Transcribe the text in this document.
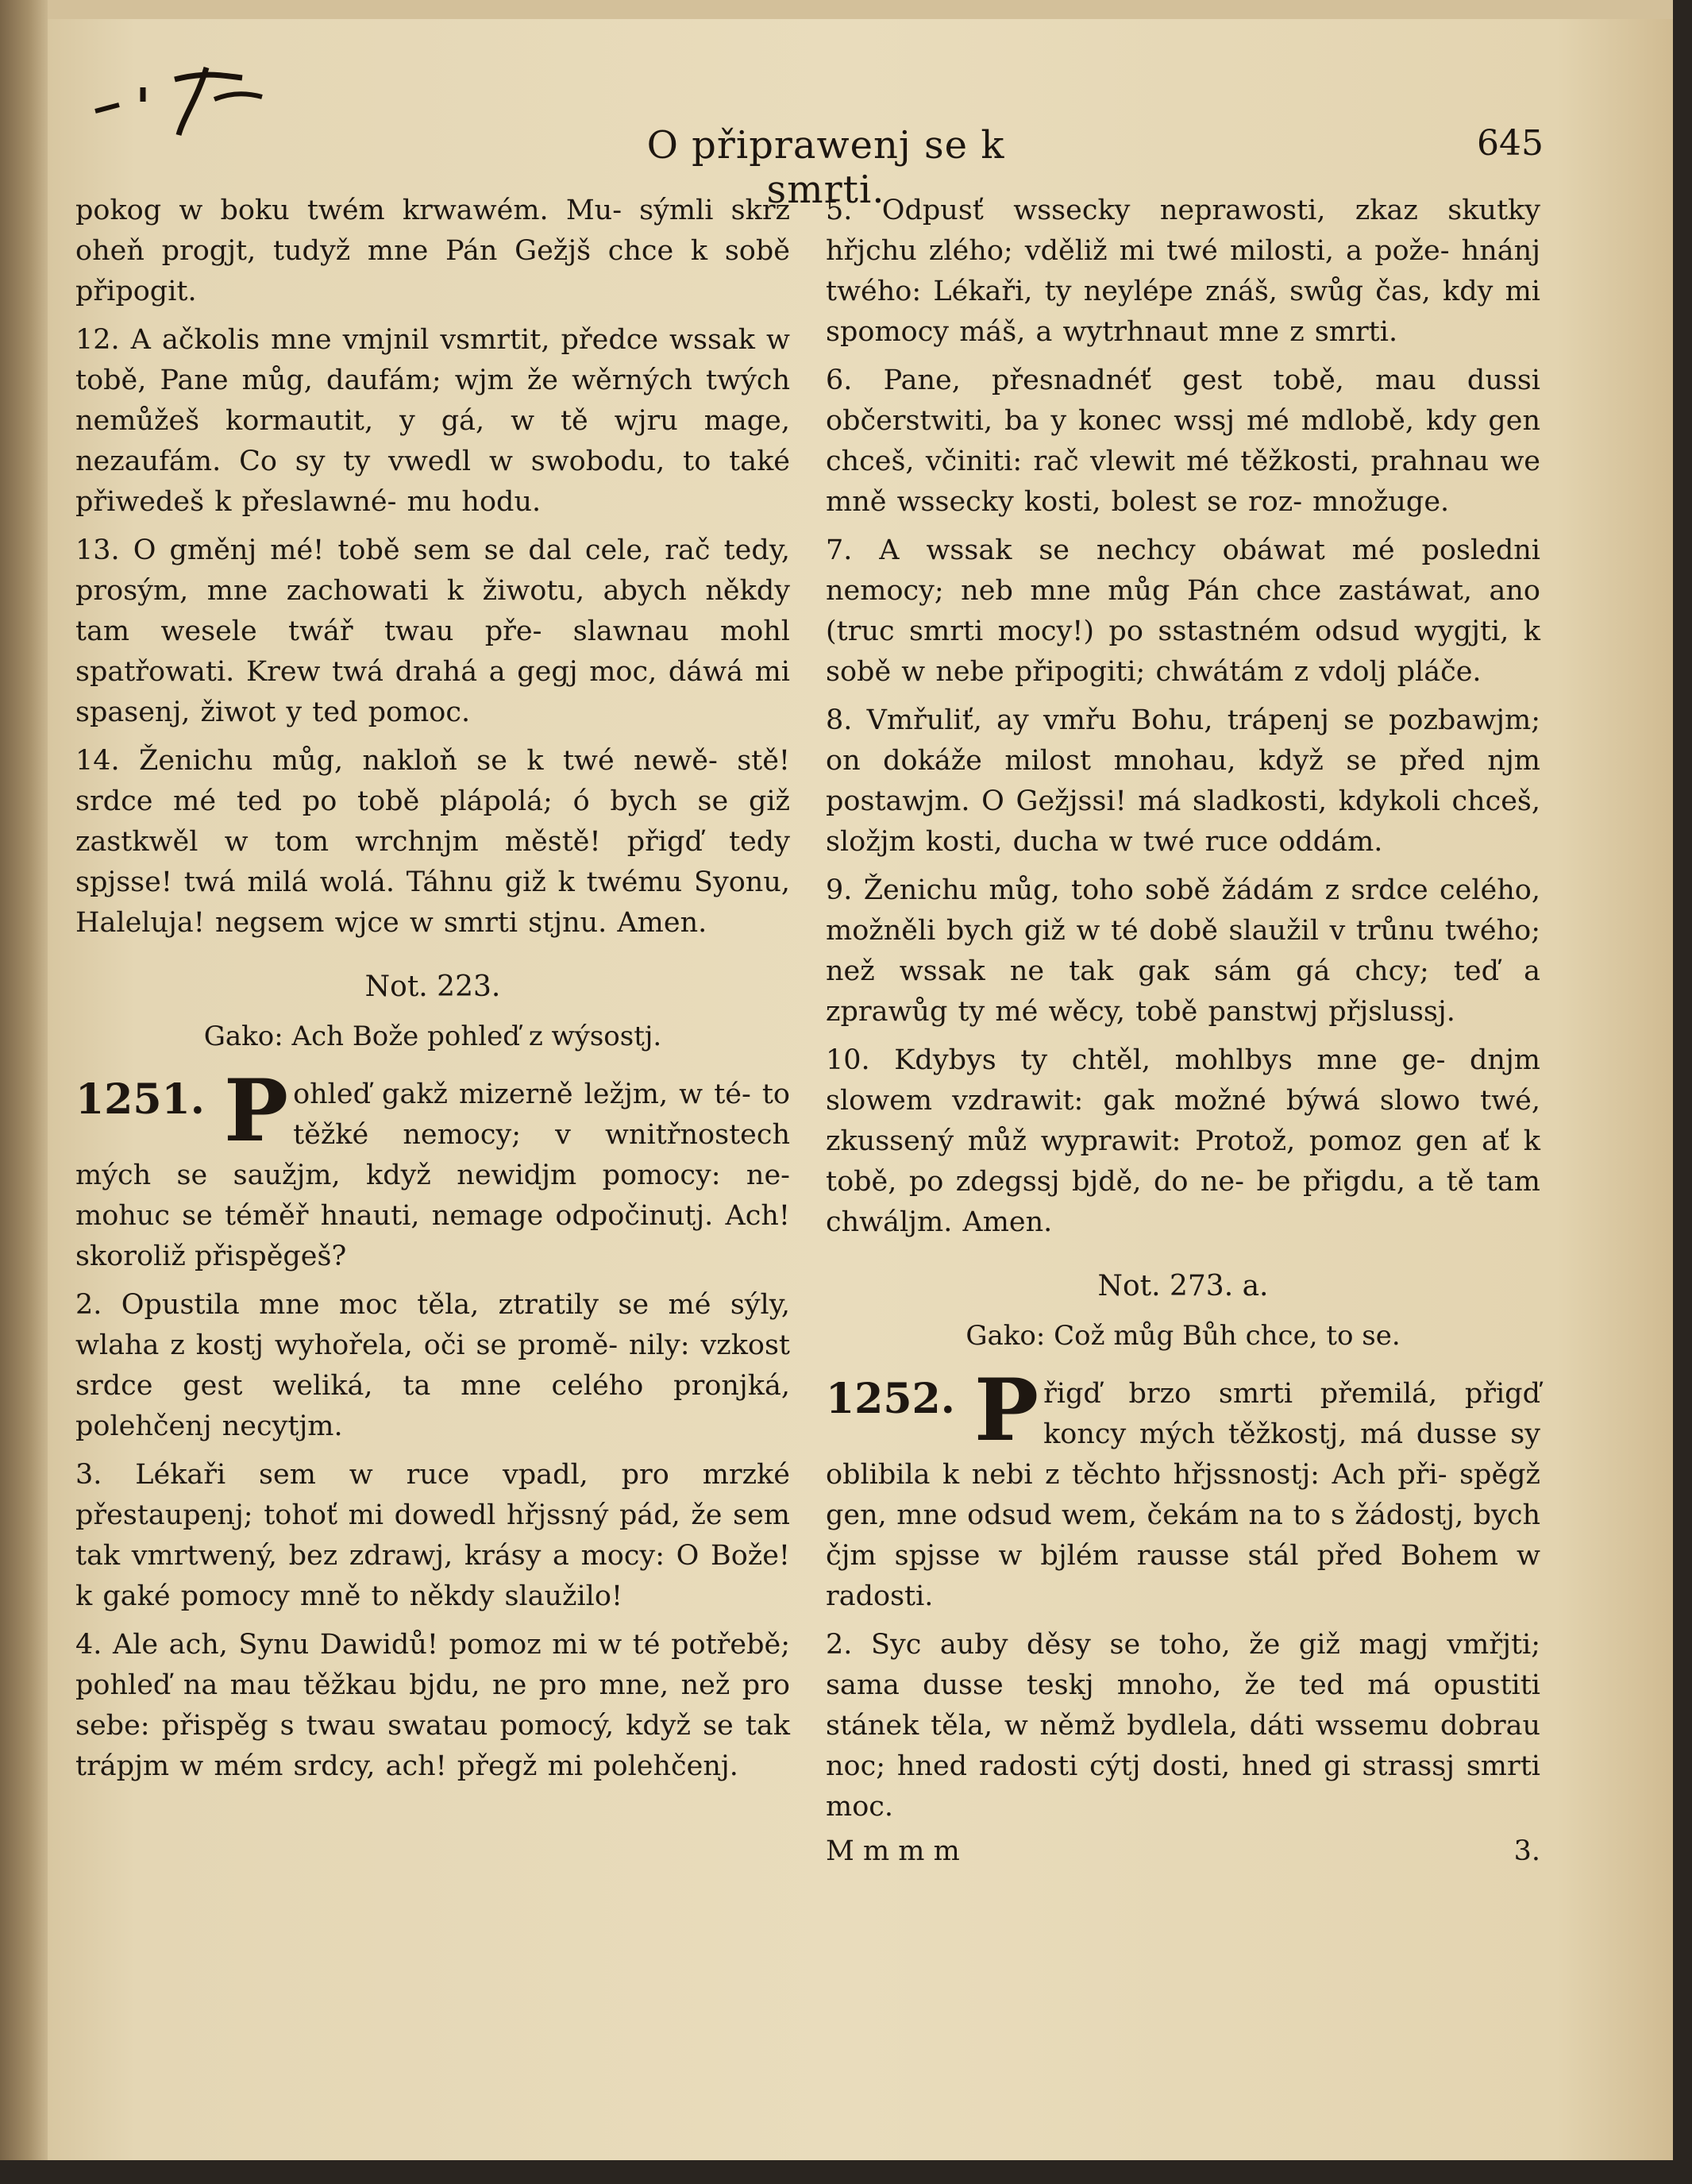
O připrawenj se k smrti.
645

pokog w boku twém krwawém. Mu- sýmli skrz oheň progjt, tudyž mne Pán Gežjš chce k sobě připogit.

12. A ačkolis mne vmjnil vsmrtit, předce wssak w tobě, Pane můg, daufám; wjm že wěrných twých nemůžeš kormautit, y gá, w tě wjru mage, nezaufám. Co sy ty vwedl w swobodu, to také přiwedeš k přeslawné- mu hodu.

13. O gměnj mé! tobě sem se dal cele, rač tedy, prosým, mne zachowati k žiwotu, abych někdy tam wesele twář twau pře- slawnau mohl spatřowati. Krew twá drahá a gegj moc, dáwá mi spasenj, žiwot y ted pomoc.

14. Ženichu můg, nakloň se k twé newě- stě! srdce mé ted po tobě plápolá; ó bych se giž zastkwěl w tom wrchnjm městě! přigď tedy spjsse! twá milá wolá. Táhnu giž k twému Syonu, Haleluja! negsem wjce w smrti stjnu. Amen.

Not. 223.
Gako: Ach Bože pohleď z wýsostj.
1251. P ohleď gakž mizerně ležjm, w té- to těžké nemocy; v wnitřnostech mých se saužjm, když newidjm pomocy: ne- mohuc se téměř hnauti, nemage odpočinutj. Ach! skoroliž přispěgeš?

2. Opustila mne moc těla, ztratily se mé sýly, wlaha z kostj wyhořela, oči se promě- nily: vzkost srdce gest weliká, ta mne celého pronjká, polehčenj necytjm.

3. Lékaři sem w ruce vpadl, pro mrzké přestaupenj; tohoť mi dowedl hřjssný pád, že sem tak vmrtwený, bez zdrawj, krásy a mocy: O Bože! k gaké pomocy mně to někdy slaužilo!

4. Ale ach, Synu Dawidů! pomoz mi w té potřebě; pohleď na mau těžkau bjdu, ne pro mne, než pro sebe: přispěg s twau swatau pomocý, když se tak trápjm w mém srdcy, ach! přegž mi polehčenj.

5. Odpusť wssecky neprawosti, zkaz skutky hřjchu zlého; vděliž mi twé milosti, a pože- hnánj twého: Lékaři, ty neylépe znáš, swůg čas, kdy mi spomocy máš, a wytrhnaut mne z smrti.

6. Pane, přesnadnéť gest tobě, mau dussi občerstwiti, ba y konec wssj mé mdlobě, kdy gen chceš, včiniti: rač vlewit mé těžkosti, prahnau we mně wssecky kosti, bolest se roz- množuge.

7. A wssak se nechcy obáwat mé posledni nemocy; neb mne můg Pán chce zastáwat, ano (truc smrti mocy!) po sstastném odsud wygjti, k sobě w nebe připogiti; chwátám z vdolj pláče.

8. Vmřuliť, ay vmřu Bohu, trápenj se pozbawjm; on dokáže milost mnohau, když se před njm postawjm. O Gežjssi! má sladkosti, kdykoli chceš, složjm kosti, ducha w twé ruce oddám.

9. Ženichu můg, toho sobě žádám z srdce celého, možněli bych giž w té době slaužil v trůnu twého; než wssak ne tak gak sám gá chcy; teď a zprawůg ty mé wěcy, tobě panstwj přjslussj.

10. Kdybys ty chtěl, mohlbys mne ge- dnjm slowem vzdrawit: gak možné býwá slowo twé, zkussený můž wyprawit: Protož, pomoz gen ať k tobě, po zdegssj bjdě, do ne- be přigdu, a tě tam chwáljm. Amen.

Not. 273. a.
Gako: Což můg Bůh chce, to se.
1252. P řigď brzo smrti přemilá, přigď koncy mých těžkostj, má dusse sy oblibila k nebi z těchto hřjssnostj: Ach při- spěgž gen, mne odsud wem, čekám na to s žádostj, bych čjm spjsse w bjlém rausse stál před Bohem w radosti.

2. Syc auby děsy se toho, že giž magj vmřjti; sama dusse teskj mnoho, že ted má opustiti stánek těla, w němž bydlela, dáti wssemu dobrau noc; hned radosti cýtj dosti, hned gi strassj smrti moc.

M m m m	3.
